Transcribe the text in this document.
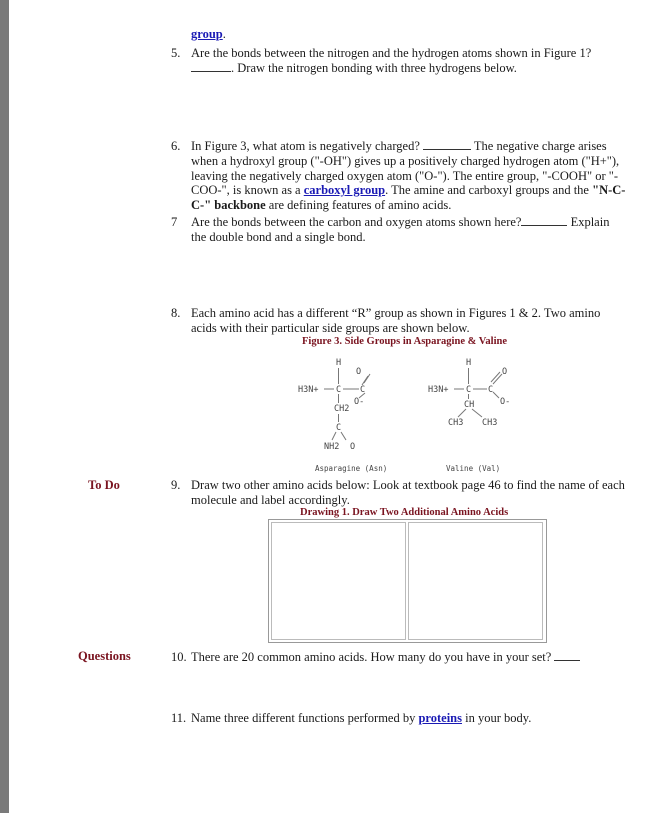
group.
5. Are the bonds between the nitrogen and the hydrogen atoms shown in Figure 1?. Draw the nitrogen bonding with three hydrogens below.
6. In Figure 3, what atom is negatively charged?	The negative charge arises when a hydroxyl group ("-OH") gives up a positively charged hydrogen atom ("H+"), leaving the negatively charged oxygen atom ("O-"). The entire group, "-COOH" or "-COO-", is known as a carboxyl group. The amine and carboxyl groups and the "N-C-C-" backbone are defining features of amino acids.
7 Are the bonds between the carbon and oxygen atoms shown here?	Explain the double bond and a single bond.
8. Each amino acid has a different “R” group as shown in Figures 1 & 2. Two amino acids with their particular side groups are shown below.
Figure 3. Side Groups in Asparagine & Valine
H
O
H3N+ C C
O-
CH2
C
NH2 O
H
O
H3N+ C C
O-
CH
CH3 CH3
Asparagine (Asn)	Valine (Val)
To Do
Questions
9. Draw two other amino acids below: Look at textbook page 46 to find the name of each molecule and label accordingly.
Drawing 1. Draw Two Additional Amino Acids
10. There are 20 common amino acids. How many do you have in your set?
11. Name three different functions performed by proteins in your body.
